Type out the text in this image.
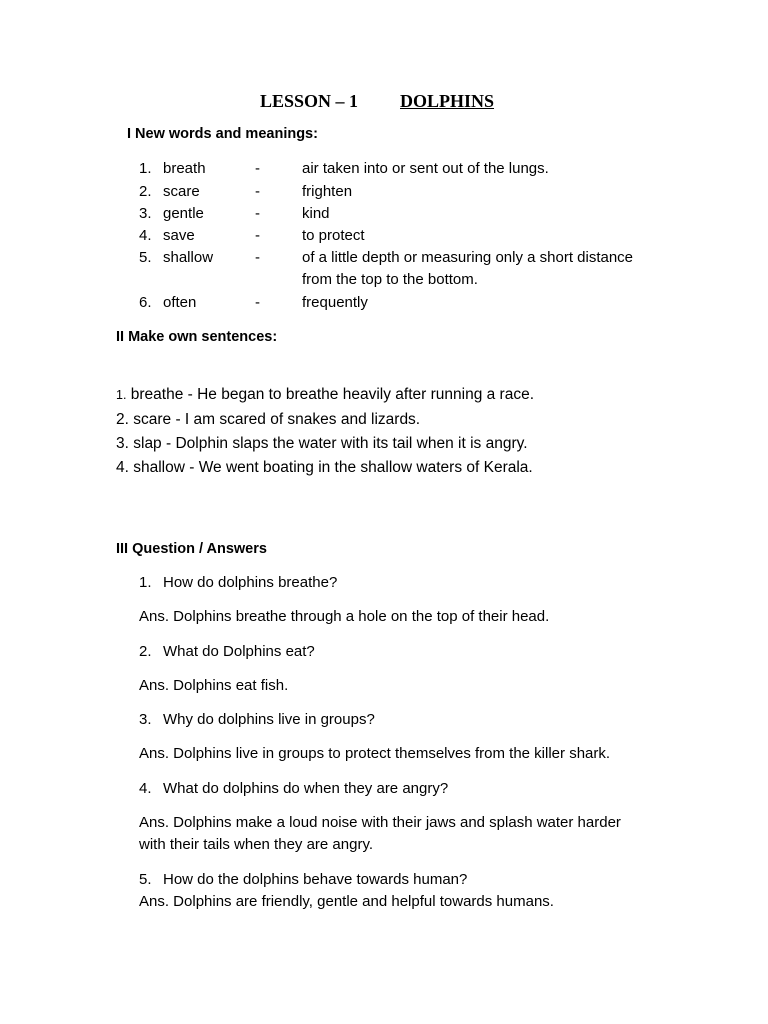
LESSON – 1 DOLPHINS
I New words and meanings:
1. breath	-	air taken into or sent out of the lungs.
2. scare	-	frighten
3. gentle	-	kind
4. save	-	to protect
5. shallow	-	of a little depth or measuring only a short distance
from the top to the bottom.
6. often	-	frequently
II Make own sentences:
1. breathe - He began to breathe heavily after running a race.
2. scare - I am scared of snakes and lizards.
3. slap - Dolphin slaps the water with its tail when it is angry.
4. shallow - We went boating in the shallow waters of Kerala.
III Question / Answers
1. How do dolphins breathe?
Ans. Dolphins breathe through a hole on the top of their head.
2. What do Dolphins eat?
Ans. Dolphins eat fish.
3. Why do dolphins live in groups?
Ans. Dolphins live in groups to protect themselves from the killer shark.
4. What do dolphins do when they are angry?
Ans. Dolphins make a loud noise with their jaws and splash water harder
with their tails when they are angry.
5. How do the dolphins behave towards human?
Ans. Dolphins are friendly, gentle and helpful towards humans.
